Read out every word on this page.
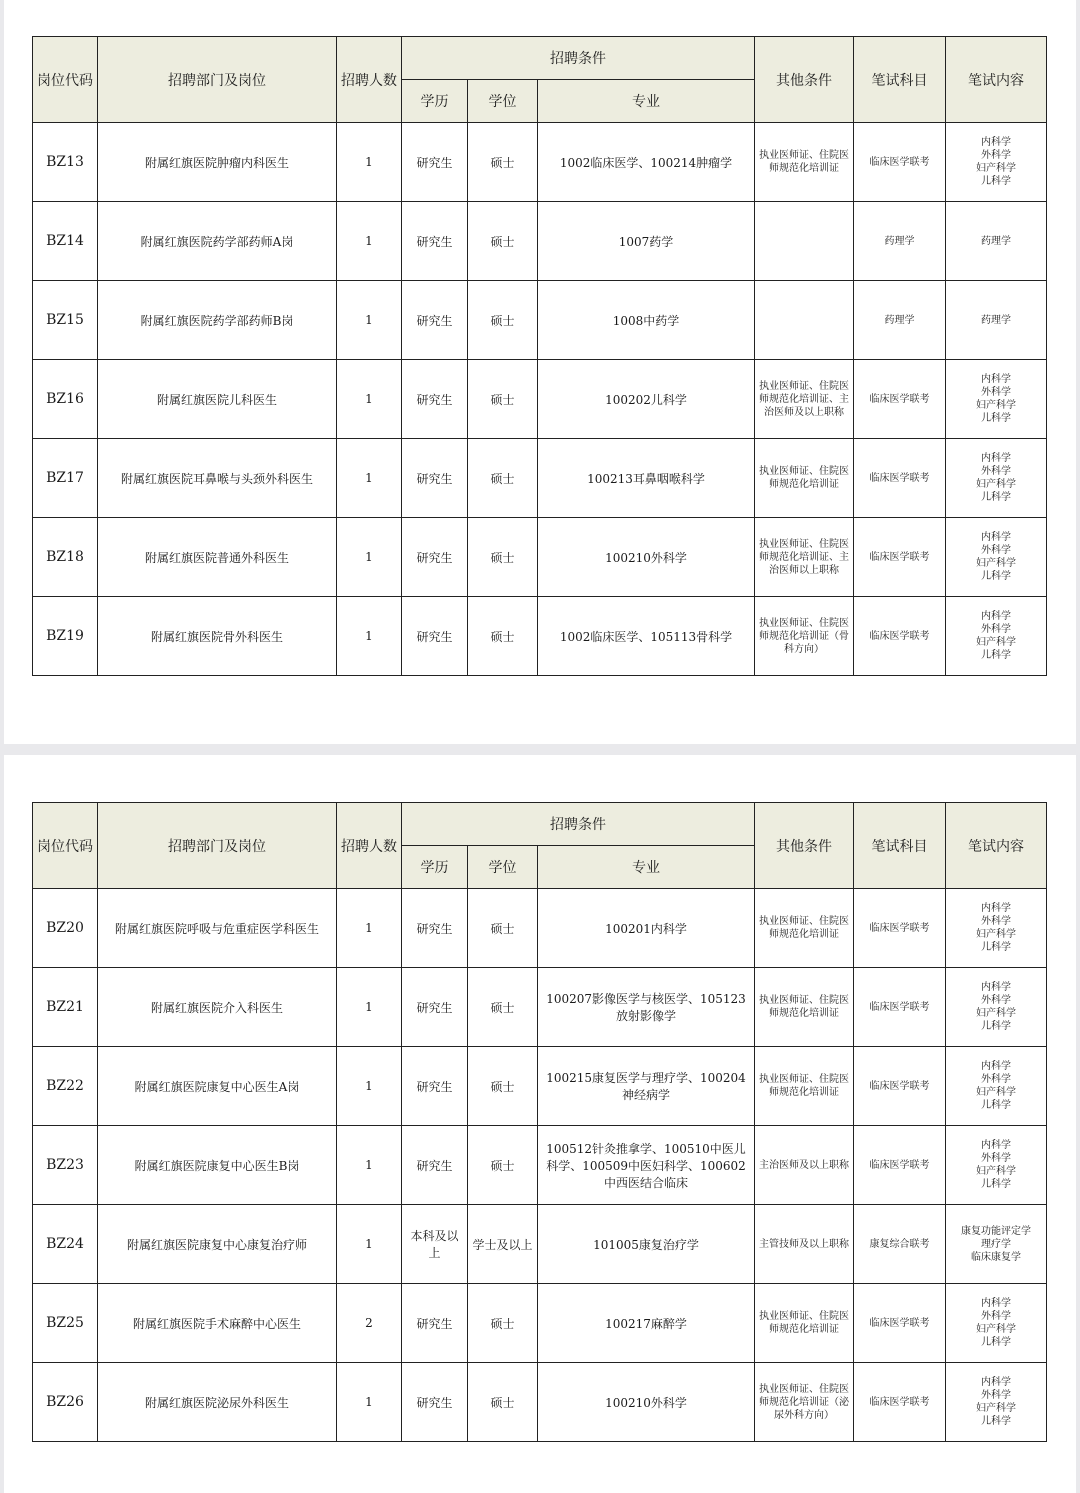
岗位代码	招聘部门及岗位	招聘人数	招聘条件			其他条件	笔试科目	笔试内容
			学历	学位	专业			
BZ13	附属红旗医院肿瘤内科医生	1	研究生	硕士	1002临床医学、100214肿瘤学	执业医师证、住院医师规范化培训证	临床医学联考	内科学
外科学
妇产科学
儿科学
BZ14	附属红旗医院药学部药师A岗	1	研究生	硕士	1007药学		药理学	药理学
BZ15	附属红旗医院药学部药师B岗	1	研究生	硕士	1008中药学		药理学	药理学
BZ16	附属红旗医院儿科医生	1	研究生	硕士	100202儿科学	执业医师证、住院医师规范化培训证、主治医师及以上职称	临床医学联考	内科学
外科学
妇产科学
儿科学
BZ17	附属红旗医院耳鼻喉与头颈外科医生	1	研究生	硕士	100213耳鼻咽喉科学	执业医师证、住院医师规范化培训证	临床医学联考	内科学
外科学
妇产科学
儿科学
BZ18	附属红旗医院普通外科医生	1	研究生	硕士	100210外科学	执业医师证、住院医师规范化培训证、主治医师以上职称	临床医学联考	内科学
外科学
妇产科学
儿科学
BZ19	附属红旗医院骨外科医生	1	研究生	硕士	1002临床医学、105113骨科学	执业医师证、住院医师规范化培训证（骨科方向）	临床医学联考	内科学
外科学
妇产科学
儿科学
岗位代码	招聘部门及岗位	招聘人数	招聘条件			其他条件	笔试科目	笔试内容
			学历	学位	专业			
BZ20	附属红旗医院呼吸与危重症医学科医生	1	研究生	硕士	100201内科学	执业医师证、住院医师规范化培训证	临床医学联考	内科学
外科学
妇产科学
儿科学
BZ21	附属红旗医院介入科医生	1	研究生	硕士	100207影像医学与核医学、105123放射影像学	执业医师证、住院医师规范化培训证	临床医学联考	内科学
外科学
妇产科学
儿科学
BZ22	附属红旗医院康复中心医生A岗	1	研究生	硕士	100215康复医学与理疗学、100204神经病学	执业医师证、住院医师规范化培训证	临床医学联考	内科学
外科学
妇产科学
儿科学
BZ23	附属红旗医院康复中心医生B岗	1	研究生	硕士	100512针灸推拿学、100510中医儿科学、100509中医妇科学、100602中西医结合临床	主治医师及以上职称	临床医学联考	内科学
外科学
妇产科学
儿科学
BZ24	附属红旗医院康复中心康复治疗师	1	本科及以上	学士及以上	101005康复治疗学	主管技师及以上职称	康复综合联考	康复功能评定学
理疗学
临床康复学
BZ25	附属红旗医院手术麻醉中心医生	2	研究生	硕士	100217麻醉学	执业医师证、住院医师规范化培训证	临床医学联考	内科学
外科学
妇产科学
儿科学
BZ26	附属红旗医院泌尿外科医生	1	研究生	硕士	100210外科学	执业医师证、住院医师规范化培训证（泌尿外科方向）	临床医学联考	内科学
外科学
妇产科学
儿科学
